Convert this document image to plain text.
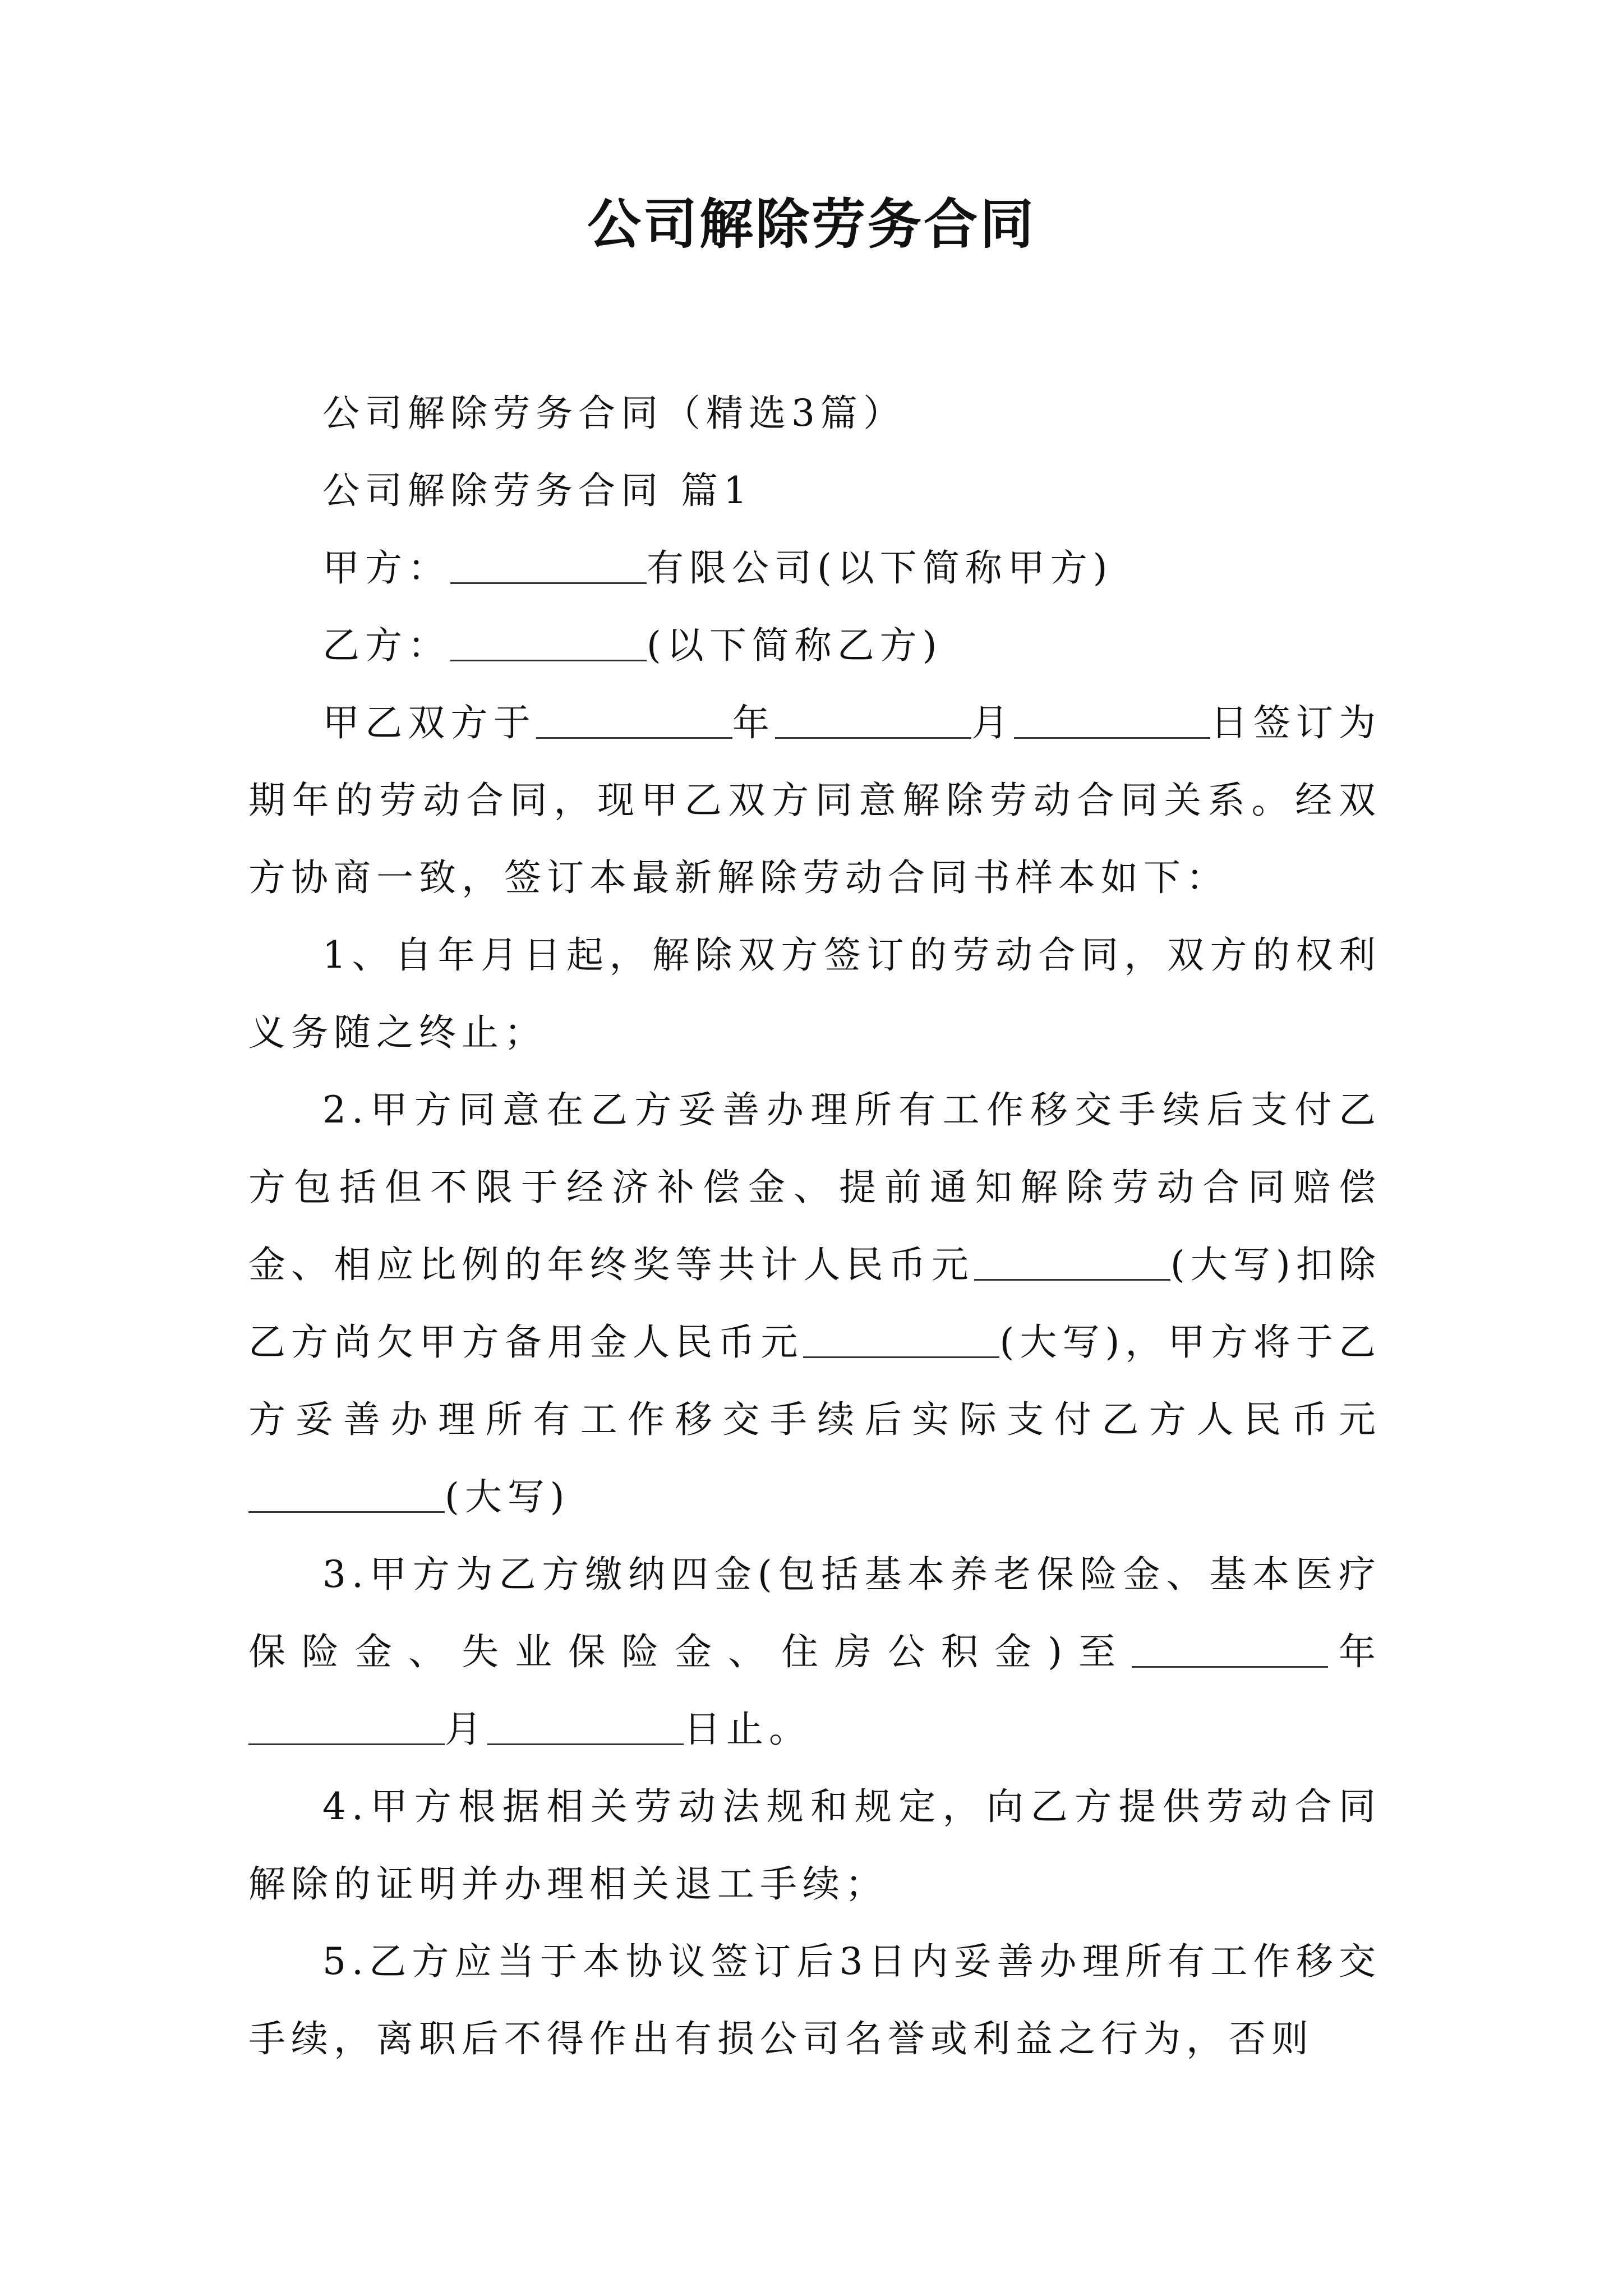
公司解除劳务合同

公司解除劳务合同（精选3篇）

公司解除劳务合同 篇1

甲方：	有限公司(以下简称甲方)

乙方：	(以下简称乙方)

甲乙双方于	年	月	日签订为期年的劳动合同，现甲乙双方同意解除劳动合同关系。经双方协商一致，签订本最新解除劳动合同书样本如下：

1、自年月日起，解除双方签订的劳动合同，双方的权利义务随之终止；

2.甲方同意在乙方妥善办理所有工作移交手续后支付乙方包括但不限于经济补偿金、提前通知解除劳动合同赔偿金、相应比例的年终奖等共计人民币元	(大写)扣除乙方尚欠甲方备用金人民币元	(大写)，甲方将于乙方妥善办理所有工作移交手续后实际支付乙方人民币元(大写)

3.甲方为乙方缴纳四金(包括基本养老保险金、基本医疗保险金、失业保险金、住房公积金)至	年月	日止。

4.甲方根据相关劳动法规和规定，向乙方提供劳动合同解除的证明并办理相关退工手续；

5.乙方应当于本协议签订后3日内妥善办理所有工作移交手续，离职后不得作出有损公司名誉或利益之行为，否则
